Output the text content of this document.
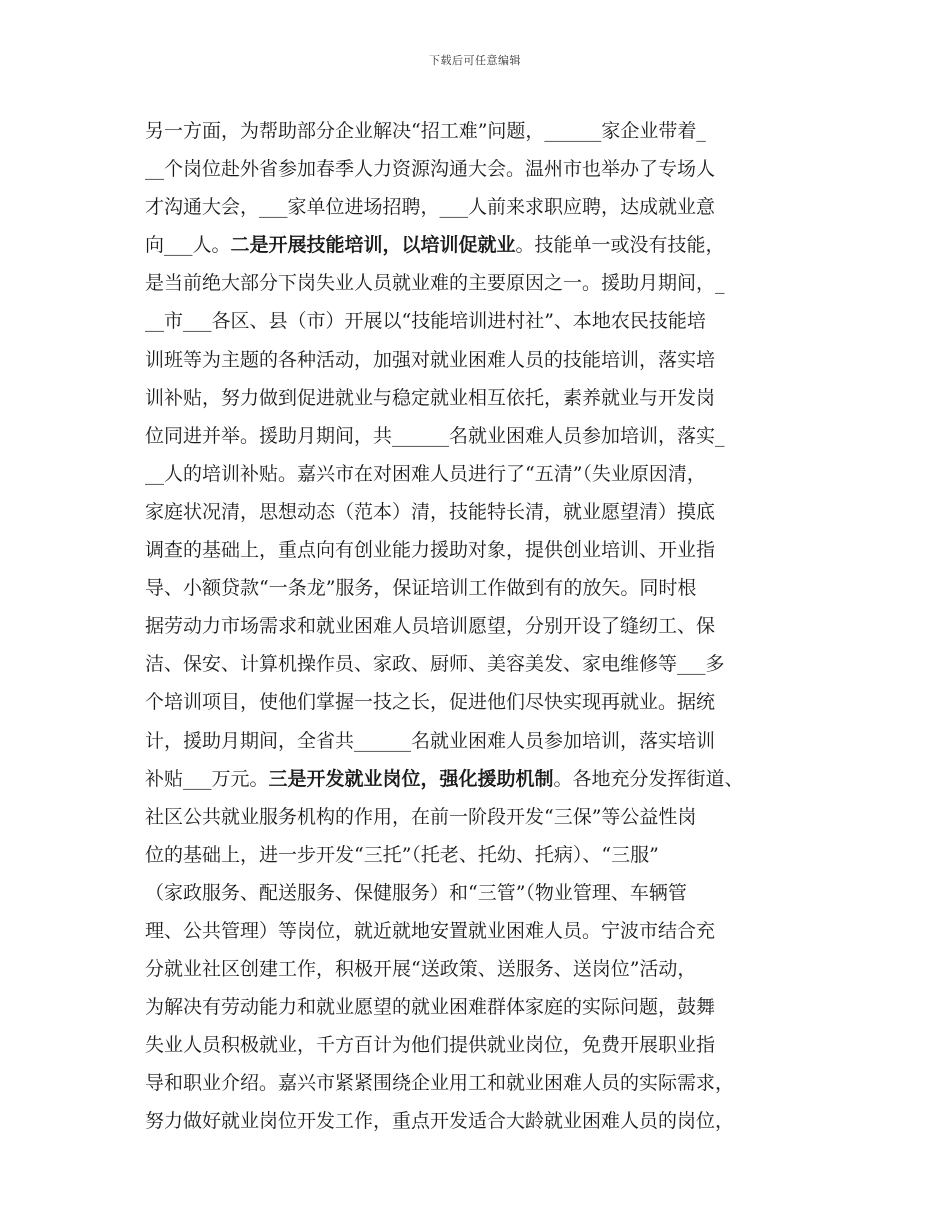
下载后可任意编辑
另一方面，为帮助部分企业解决“招工难”问题，______家企业带着_
__个岗位赴外省参加春季人力资源沟通大会。温州市也举办了专场人
才沟通大会，___家单位进场招聘，___人前来求职应聘，达成就业意
向___人。二是开展技能培训，以培训促就业。技能单一或没有技能，
是当前绝大部分下岗失业人员就业难的主要原因之一。援助月期间，_
__市___各区、县（市）开展以“技能培训进村社”、本地农民技能培
训班等为主题的各种活动，加强对就业困难人员的技能培训，落实培
训补贴，努力做到促进就业与稳定就业相互依托，素养就业与开发岗
位同进并举。援助月期间，共______名就业困难人员参加培训，落实_
__人的培训补贴。嘉兴市在对困难人员进行了“五清”（失业原因清，
家庭状况清，思想动态（范本）清，技能特长清，就业愿望清）摸底
调查的基础上，重点向有创业能力援助对象，提供创业培训、开业指
导、小额贷款“一条龙”服务，保证培训工作做到有的放矢。同时根
据劳动力市场需求和就业困难人员培训愿望，分别开设了缝纫工、保
洁、保安、计算机操作员、家政、厨师、美容美发、家电维修等___多
个培训项目，使他们掌握一技之长，促进他们尽快实现再就业。据统
计，援助月期间，全省共______名就业困难人员参加培训，落实培训
补贴___万元。三是开发就业岗位，强化援助机制。各地充分发挥街道、
社区公共就业服务机构的作用，在前一阶段开发“三保”等公益性岗
位的基础上，进一步开发“三托”（托老、托幼、托病）、“三服”
（家政服务、配送服务、保健服务）和“三管”（物业管理、车辆管
理、公共管理）等岗位，就近就地安置就业困难人员。宁波市结合充
分就业社区创建工作，积极开展“送政策、送服务、送岗位”活动，
为解决有劳动能力和就业愿望的就业困难群体家庭的实际问题，鼓舞
失业人员积极就业，千方百计为他们提供就业岗位，免费开展职业指
导和职业介绍。嘉兴市紧紧围绕企业用工和就业困难人员的实际需求，
努力做好就业岗位开发工作，重点开发适合大龄就业困难人员的岗位，
